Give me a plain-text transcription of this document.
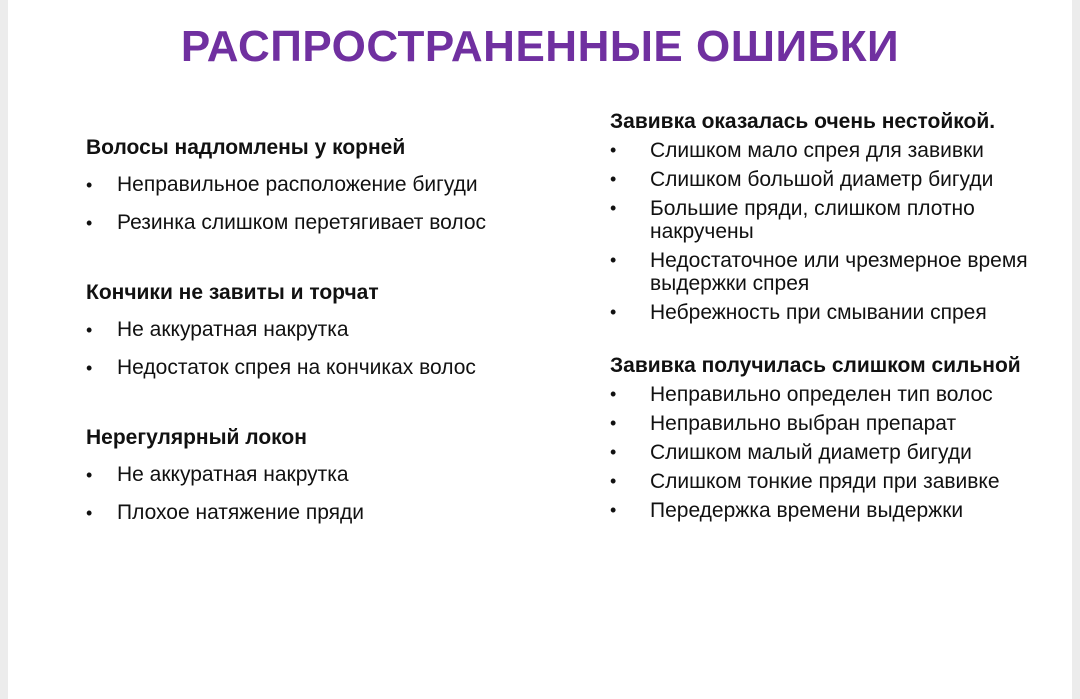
РАСПРОСТРАНЕННЫЕ ОШИБКИ

Волосы надломлены у корней

• Неправильное расположение бигуди
• Резинка слишком перетягивает волос

Кончики не завиты и торчат

• Не аккуратная накрутка
• Недостаток спрея на кончиках волос

Нерегулярный локон

• Не аккуратная накрутка
• Плохое натяжение пряди

Завивка оказалась очень нестойкой.

• Слишком мало спрея для завивки
• Слишком большой диаметр бигуди
• Большие пряди, слишком плотно накручены
• Недостаточное или чрезмерное время выдержки спрея
• Небрежность при смывании спрея

Завивка получилась слишком сильной

• Неправильно определен тип волос
• Неправильно выбран препарат
• Слишком малый диаметр бигуди
• Слишком тонкие пряди при завивке
• Передержка времени выдержки
